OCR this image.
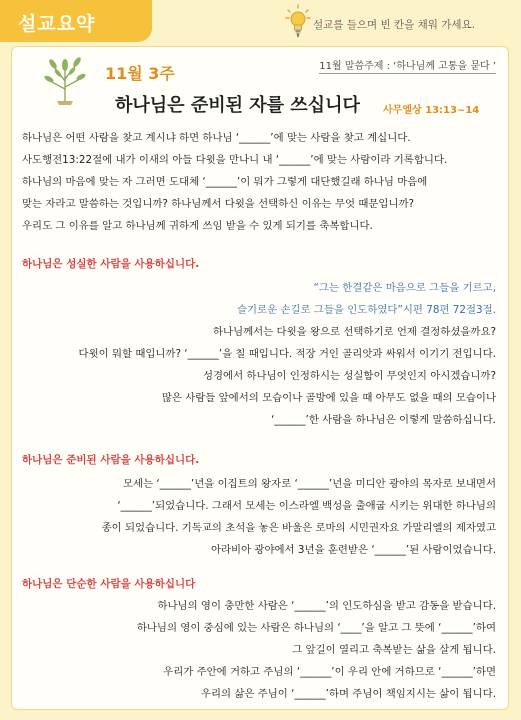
설교요약	설교를 들으며 빈 칸을 채워 가세요.
11월 3주	11월 말씀주제 : ‘하나님께 고통을 묻다 ’
하나님은 준비된 자를 쓰십니다 사무엘상 13:13~14
하나님은 어떤 사람을 찾고 계시냐 하면 하나님 ‘______’에 맞는 사람을 찾고 계십니다.
사도행전13:22절에 내가 이새의 아들 다윗을 만나니 내 ‘______’에 맞는 사람이라 기록합니다.
하나님의 마음에 맞는 자 그러면 도대체 ‘______’이 뭐가 그렇게 대단했길래 하나님 마음에
맞는 자라고 말씀하는 것입니까? 하나님께서 다윗을 선택하신 이유는 무엇 때문입니까?
우리도 그 이유를 알고 하나님께 귀하게 쓰임 받을 수 있게 되기를 축복합니다.
하나님은 성실한 사람을 사용하십니다.
“그는 한결같은 마음으로 그들을 기르고,
슬기로운 손길로 그들을 인도하였다”시편 78편 72절3절.
하나님께서는 다윗을 왕으로 선택하기로 언제 결정하셨을까요?
다윗이 뭐할 때입니까? ‘______’을 칠 때입니다. 적장 거인 골리앗과 싸워서 이기기 전입니다.
성경에서 하나님이 인정하시는 성실함이 무엇인지 아시겠습니까?
많은 사람들 앞에서의 모습이나 골방에 있을 때 아무도 없을 때의 모습이나
‘______’한 사람을 하나님은 이렇게 말씀하십니다.
하나님은 준비된 사람을 사용하십니다.
모세는 ‘______’년을 이집트의 왕자로 ‘______’년을 미디안 광야의 목자로 보내면서
‘______’되었습니다. 그래서 모세는 이스라엘 백성을 출애굽 시키는 위대한 하나님의
종이 되었습니다. 기독교의 초석을 놓은 바울은 로마의 시민권자요 가말리엘의 제자였고
아라비아 광야에서 3년을 훈련받은 ‘______’된 사람이었습니다.
하나님은 단순한 사람을 사용하십니다
하나님의 영이 충만한 사람은 ‘______’의 인도하심을 받고 감동을 받습니다.
하나님의 영이 중심에 있는 사람은 하나님의 ‘____’을 알고 그 뜻에 ‘______’하여
그 앞길이 열리고 축복받는 삶을 살게 됩니다.
우리가 주안에 거하고 주님의 ‘______’이 우리 안에 거하므로 ‘______’하면
우리의 삶은 주님이 ‘______’하며 주님이 책임지시는 삶이 됩니다.
